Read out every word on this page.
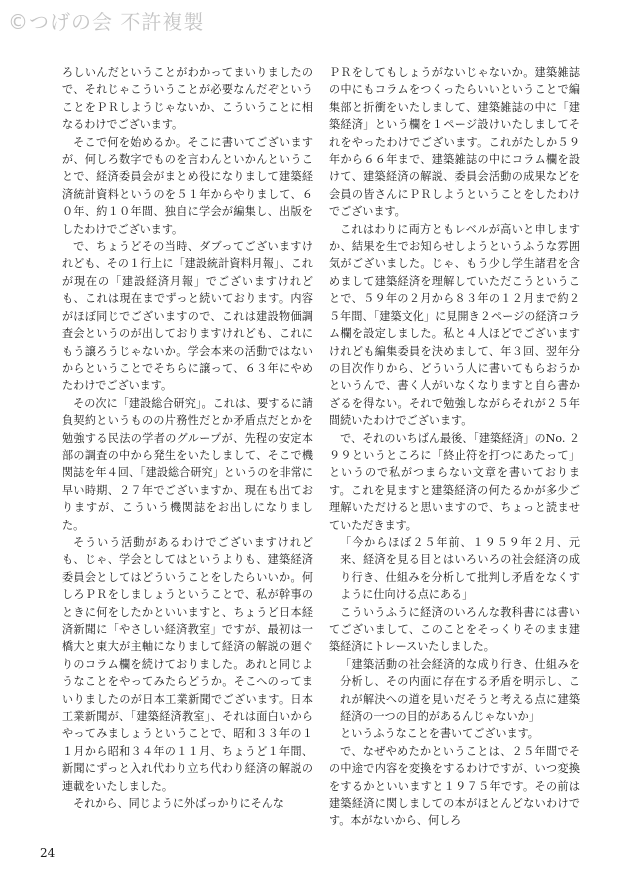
©つげの会 不許複製

ろしいんだということがわかってまいりましたので、それじゃこういうことが必要なんだぞということをＰＲしようじゃないか、こういうことに相なるわけでございます。

そこで何を始めるか。そこに書いてございますが、何しろ数字でものを言わんといかんということで、経済委員会がまとめ役になりまして建築経済統計資料というのを５１年からやりまして、６０年、約１０年間、独自に学会が編集し、出版をしたわけでございます。

で、ちょうどその当時、ダブってございますけれども、その１行上に「建設統計資料月報」、これが現在の「建設経済月報」でございますけれども、これは現在までずっと続いております。内容がほぼ同じでございますので、これは建設物価調査会というのが出しておりますけれども、これにもう譲ろうじゃないか。学会本来の活動ではないからということでそちらに譲って、６３年にやめたわけでございます。

その次に「建設総合研究」。これは、要するに請負契約というものの片務性だとか矛盾点だとかを勉強する民法の学者のグループが、先程の安定本部の調査の中から発生をいたしまして、そこで機関誌を年４回、「建設総合研究」というのを非常に早い時期、２７年でございますか、現在も出ておりますが、こういう機関誌をお出しになりました。

そういう活動があるわけでございますけれども、じゃ、学会としてはというよりも、建築経済委員会としてはどういうことをしたらいいか。何しろＰＲをしましょうということで、私が幹事のときに何をしたかといいますと、ちょうど日本経済新聞に「やさしい経済教室」ですが、最初は一橋大と東大が主軸になりまして経済の解説の廻ぐりのコラム欄を続けておりました。あれと同じようなことをやってみたらどうか。そこへのってまいりましたのが日本工業新聞でございます。日本工業新聞が、「建築経済教室」、それは面白いからやってみましょうということで、昭和３３年の１１月から昭和３４年の１１月、ちょうど１年間、新聞にずっと入れ代わり立ち代わり経済の解説の連載をいたしました。

それから、同じように外ばっかりにそんな

ＰＲをしてもしょうがないじゃないか。建築雑誌の中にもコラムをつくったらいいということで編集部と折衝をいたしまして、建築雑誌の中に「建築経済」という欄を１ページ設けいたしましてそれをやったわけでございます。これがたしか５９年から６６年まで、建築雑誌の中にコラム欄を設けて、建築経済の解説、委員会活動の成果などを会員の皆さんにＰＲしようということをしたわけでございます。

これはわりに両方ともレベルが高いと申しますか、結果を生でお知らせしようというふうな雰囲気がございました。じゃ、もう少し学生諸君を含めまして建築経済を理解していただこうということで、５９年の２月から８３年の１２月まで約２５年間、「建築文化」に見開き２ページの経済コラム欄を設定しました。私と４人ほどでございますけれども編集委員を決めまして、年３回、翌年分の目次作りから、どういう人に書いてもらおうかというんで、書く人がいなくなりますと自ら書かざるを得ない。それで勉強しながらそれが２５年間続いたわけでございます。

で、それのいちばん最後、「建築経済」のNo. ２９９というところに「終止符を打つにあたって」というので私がつまらない文章を書いております。これを見ますと建築経済の何たるかが多少ご理解いただけると思いますので、ちょっと読ませていただきます。

「今からほぼ２５年前、１９５９年２月、元来、経済を見る目とはいろいろの社会経済の成り行き、仕組みを分析して批判し矛盾をなくすように仕向ける点にある」

こういうふうに経済のいろんな教科書には書いてございまして、このことをそっくりそのまま建築経済にトレースいたしました。

「建築活動の社会経済的な成り行き、仕組みを分析し、その内面に存在する矛盾を明示し、これが解決への道を見いだそうと考える点に建築経済の一つの目的があるんじゃないか」

というふうなことを書いてございます。

で、なぜやめたかということは、２５年間でその中途で内容を変換をするわけですが、いつ変換をするかといいますと１９７５年です。その前は建築経済に関しましての本がほとんどないわけです。本がないから、何しろ

24
